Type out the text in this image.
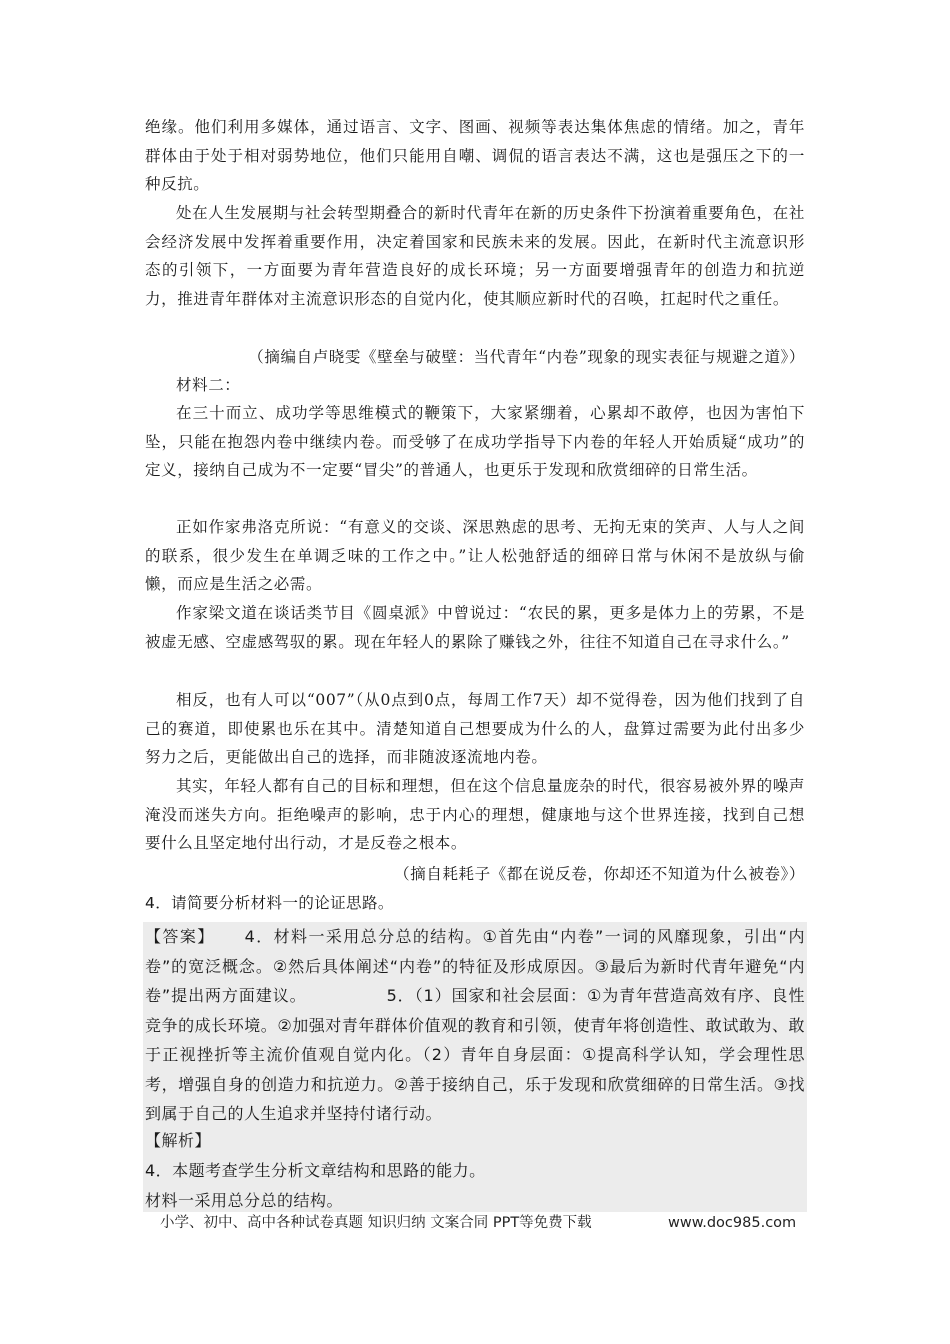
绝缘。他们利用多媒体，通过语言、文字、图画、视频等表达集体焦虑的情绪。加之，青年群体由于处于相对弱势地位，他们只能用自嘲、调侃的语言表达不满，这也是强压之下的一种反抗。

处在人生发展期与社会转型期叠合的新时代青年在新的历史条件下扮演着重要角色，在社会经济发展中发挥着重要作用，决定着国家和民族未来的发展。因此，在新时代主流意识形态的引领下，一方面要为青年营造良好的成长环境；另一方面要增强青年的创造力和抗逆力，推进青年群体对主流意识形态的自觉内化，使其顺应新时代的召唤，扛起时代之重任。

（摘编自卢晓雯《壁垒与破壁：当代青年“内卷”现象的现实表征与规避之道》）

材料二：

在三十而立、成功学等思维模式的鞭策下，大家紧绷着，心累却不敢停，也因为害怕下坠，只能在抱怨内卷中继续内卷。而受够了在成功学指导下内卷的年轻人开始质疑“成功”的定义，接纳自己成为不一定要“冒尖”的普通人，也更乐于发现和欣赏细碎的日常生活。

正如作家弗洛克所说：“有意义的交谈、深思熟虑的思考、无拘无束的笑声、人与人之间的联系，很少发生在单调乏味的工作之中。”让人松弛舒适的细碎日常与休闲不是放纵与偷懒，而应是生活之必需。

作家梁文道在谈话类节目《圆桌派》中曾说过：“农民的累，更多是体力上的劳累，不是被虚无感、空虚感驾驭的累。现在年轻人的累除了赚钱之外，往往不知道自己在寻求什么。”

相反，也有人可以“007”（从0点到0点，每周工作7天）却不觉得卷，因为他们找到了自己的赛道，即使累也乐在其中。清楚知道自己想要成为什么的人，盘算过需要为此付出多少努力之后，更能做出自己的选择，而非随波逐流地内卷。

其实，年轻人都有自己的目标和理想，但在这个信息量庞杂的时代，很容易被外界的噪声淹没而迷失方向。拒绝噪声的影响，忠于内心的理想，健康地与这个世界连接，找到自己想要什么且坚定地付出行动，才是反卷之根本。

（摘自耗耗子《都在说反卷，你却还不知道为什么被卷》）

4．请简要分析材料一的论证思路。

【答案】 4．材料一采用总分总的结构。①首先由“内卷”一词的风靡现象，引出“内卷”的宽泛概念。②然后具体阐述“内卷”的特征及形成原因。③最后为新时代青年避免“内卷”提出两方面建议。	5．（1）国家和社会层面：①为青年营造高效有序、良性竞争的成长环境。②加强对青年群体价值观的教育和引领，使青年将创造性、敢试敢为、敢于正视挫折等主流价值观自觉内化。（2）青年自身层面：①提高科学认知，学会理性思考，增强自身的创造力和抗逆力。②善于接纳自己，乐于发现和欣赏细碎的日常生活。③找到属于自己的人生追求并坚持付诸行动。

【解析】

4．本题考查学生分析文章结构和思路的能力。

材料一采用总分总的结构。

小学、初中、高中各种试卷真题 知识归纳 文案合同 PPT等免费下载	www.doc985.com
